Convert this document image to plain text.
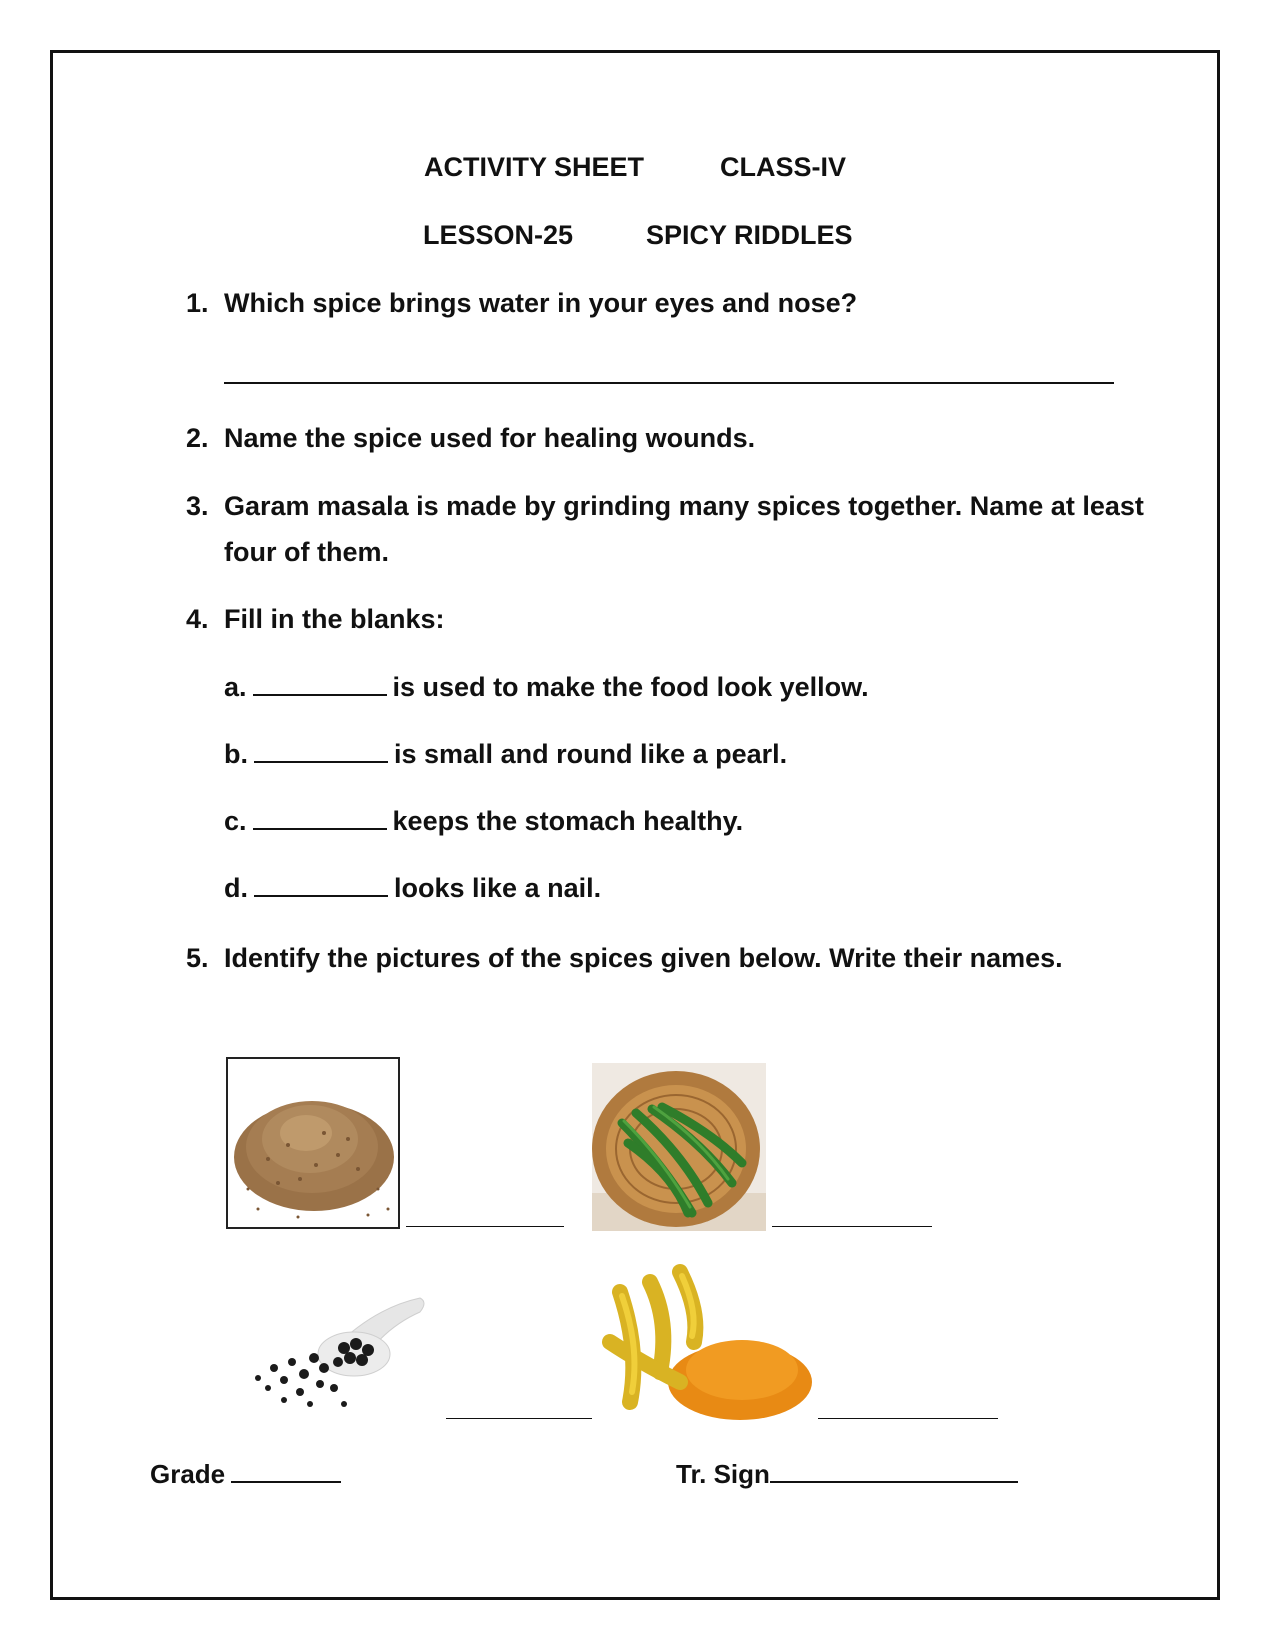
ACTIVITY SHEET	CLASS-IV
LESSON-25	SPICY RIDDLES
1. Which spice brings water in your eyes and nose?
2. Name the spice used for healing wounds.
3. Garam masala is made by grinding many spices together. Name at least four of them.
4. Fill in the blanks:
a.	is used to make the food look yellow.
b.	is small and round like a pearl.
c.	keeps the stomach healthy.
d.	looks like a nail.
5. Identify the pictures of the spices given below. Write their names.
Grade	Tr. Sign
